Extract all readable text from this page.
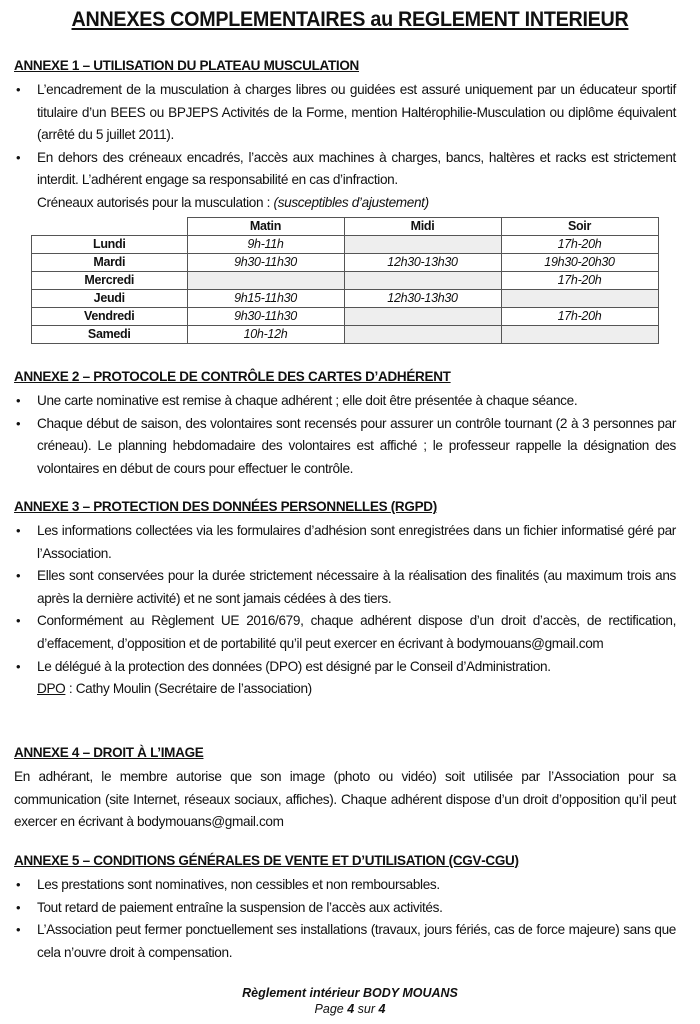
ANNEXES COMPLEMENTAIRES au REGLEMENT INTERIEUR
ANNEXE 1 – UTILISATION DU PLATEAU MUSCULATION
• L’encadrement de la musculation à charges libres ou guidées est assuré uniquement par un éducateur sportif titulaire d’un BEES ou BPJEPS Activités de la Forme, mention Haltérophilie‑Musculation ou diplôme équivalent (arrêté du 5 juillet 2011).
• En dehors des créneaux encadrés, l’accès aux machines à charges, bancs, haltères et racks est strictement interdit. L’adhérent engage sa responsabilité en cas d’infraction.
Créneaux autorisés pour la musculation : (susceptibles d’ajustement)
	Matin	Midi	Soir
Lundi	9h-11h		17h-20h
Mardi	9h30-11h30	12h30-13h30	19h30-20h30
Mercredi			17h-20h
Jeudi	9h15-11h30	12h30-13h30	
Vendredi	9h30-11h30		17h-20h
Samedi	10h-12h		
ANNEXE 2 – PROTOCOLE DE CONTRÔLE DES CARTES D’ADHÉRENT
• Une carte nominative est remise à chaque adhérent ; elle doit être présentée à chaque séance.
• Chaque début de saison, des volontaires sont recensés pour assurer un contrôle tournant (2 à 3 personnes par créneau). Le planning hebdomadaire des volontaires est affiché ; le professeur rappelle la désignation des volontaires en début de cours pour effectuer le contrôle.
ANNEXE 3 – PROTECTION DES DONNÉES PERSONNELLES (RGPD)
• Les informations collectées via les formulaires d’adhésion sont enregistrées dans un fichier informatisé géré par l’Association.
• Elles sont conservées pour la durée strictement nécessaire à la réalisation des finalités (au maximum trois ans après la dernière activité) et ne sont jamais cédées à des tiers.
• Conformément au Règlement UE 2016/679, chaque adhérent dispose d’un droit d’accès, de rectification, d’effacement, d’opposition et de portabilité qu’il peut exercer en écrivant à bodymouans@gmail.com
• Le délégué à la protection des données (DPO) est désigné par le Conseil d’Administration.
DPO : Cathy Moulin (Secrétaire de l’association)
ANNEXE 4 – DROIT À L’IMAGE
En adhérant, le membre autorise que son image (photo ou vidéo) soit utilisée par l’Association pour sa communication (site Internet, réseaux sociaux, affiches). Chaque adhérent dispose d’un droit d’opposition qu’il peut exercer en écrivant à bodymouans@gmail.com
ANNEXE 5 – CONDITIONS GÉNÉRALES DE VENTE ET D’UTILISATION (CGV‑CGU)
• Les prestations sont nominatives, non cessibles et non remboursables.
• Tout retard de paiement entraîne la suspension de l’accès aux activités.
• L’Association peut fermer ponctuellement ses installations (travaux, jours fériés, cas de force majeure) sans que cela n’ouvre droit à compensation.
Règlement intérieur BODY MOUANS
Page 4 sur 4
